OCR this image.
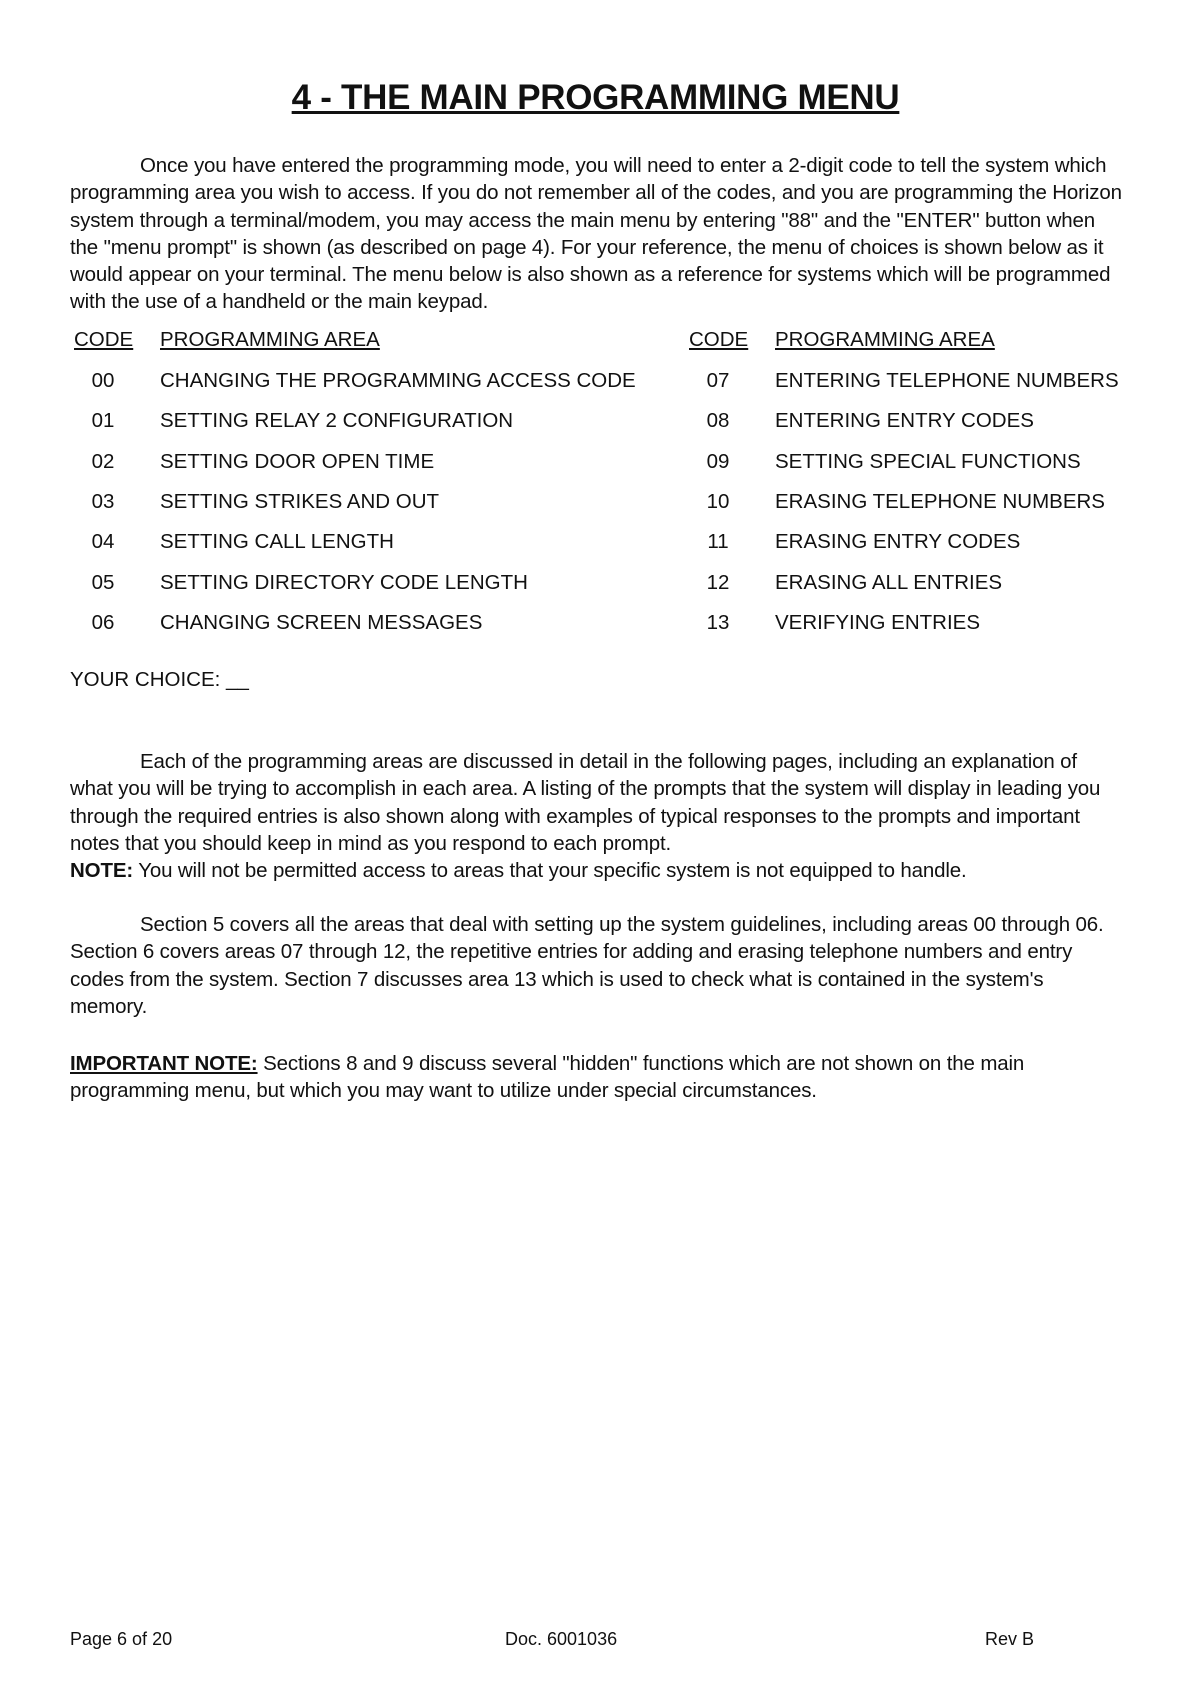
4 - THE MAIN PROGRAMMING MENU

Once you have entered the programming mode, you will need to enter a 2-digit code to tell the system which programming area you wish to access. If you do not remember all of the codes, and you are programming the Horizon system through a terminal/modem, you may access the main menu by entering "88" and the "ENTER" button when the "menu prompt" is shown (as described on page 4). For your reference, the menu of choices is shown below as it would appear on your terminal. The menu below is also shown as a reference for systems which will be programmed with the use of a handheld or the main keypad.

CODE PROGRAMMING AREA
00	CHANGING THE PROGRAMMING ACCESS CODE
01	SETTING RELAY 2 CONFIGURATION
02	SETTING DOOR OPEN TIME
03	SETTING STRIKES AND OUT
04	SETTING CALL LENGTH
05	SETTING DIRECTORY CODE LENGTH
06	CHANGING SCREEN MESSAGES
CODE PROGRAMMING AREA
07	ENTERING TELEPHONE NUMBERS
08	ENTERING ENTRY CODES
09	SETTING SPECIAL FUNCTIONS
10	ERASING TELEPHONE NUMBERS
11	ERASING ENTRY CODES
12	ERASING ALL ENTRIES
13	VERIFYING ENTRIES
YOUR CHOICE: __

Each of the programming areas are discussed in detail in the following pages, including an explanation of what you will be trying to accomplish in each area. A listing of the prompts that the system will display in leading you through the required entries is also shown along with examples of typical responses to the prompts and important notes that you should keep in mind as you respond to each prompt.
NOTE: You will not be permitted access to areas that your specific system is not equipped to handle.

Section 5 covers all the areas that deal with setting up the system guidelines, including areas 00 through 06. Section 6 covers areas 07 through 12, the repetitive entries for adding and erasing telephone numbers and entry codes from the system. Section 7 discusses area 13 which is used to check what is contained in the system's memory.

IMPORTANT NOTE: Sections 8 and 9 discuss several "hidden" functions which are not shown on the main programming menu, but which you may want to utilize under special circumstances.

Page 6 of 20	Doc. 6001036	Rev B
